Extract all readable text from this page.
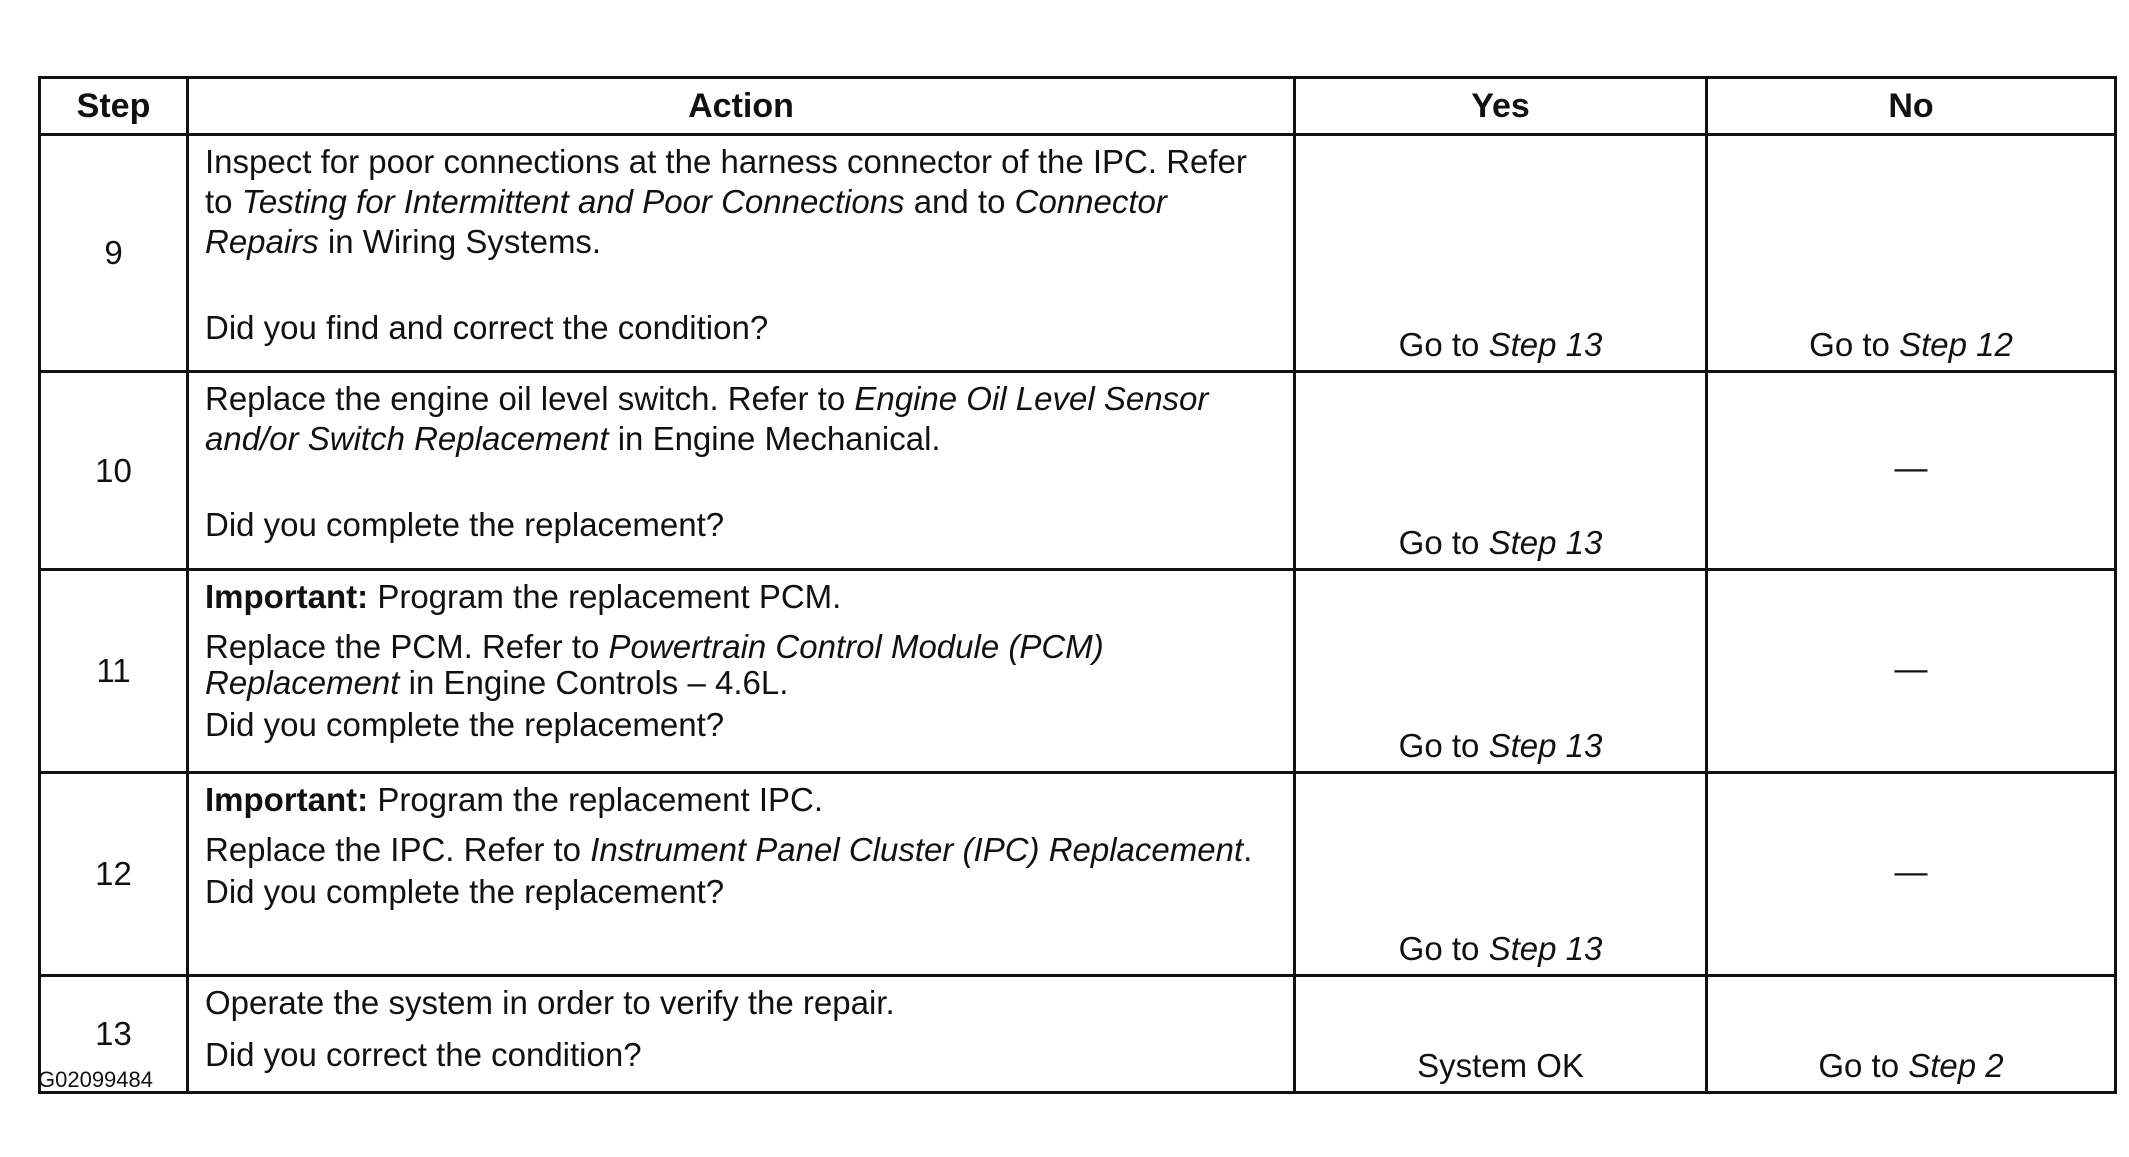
Step	Action	Yes	No
9	Inspect for poor connections at the harness connector of the IPC. Refer to Testing for Intermittent and Poor Connections and to Connector Repairs in Wiring Systems.

Did you find and correct the condition?	Go to Step 13	Go to Step 12
10	Replace the engine oil level switch. Refer to Engine Oil Level Sensor and/or Switch Replacement in Engine Mechanical.

Did you complete the replacement?	Go to Step 13	—
11	Important: Program the replacement PCM.

Replace the PCM. Refer to Powertrain Control Module (PCM) Replacement in Engine Controls – 4.6L.

Did you complete the replacement?	Go to Step 13	—
12	Important: Program the replacement IPC.

Replace the IPC. Refer to Instrument Panel Cluster (IPC) Replacement.

Did you complete the replacement?	Go to Step 13	—
13	Operate the system in order to verify the repair.

Did you correct the condition?	System OK	Go to Step 2
G02099484
